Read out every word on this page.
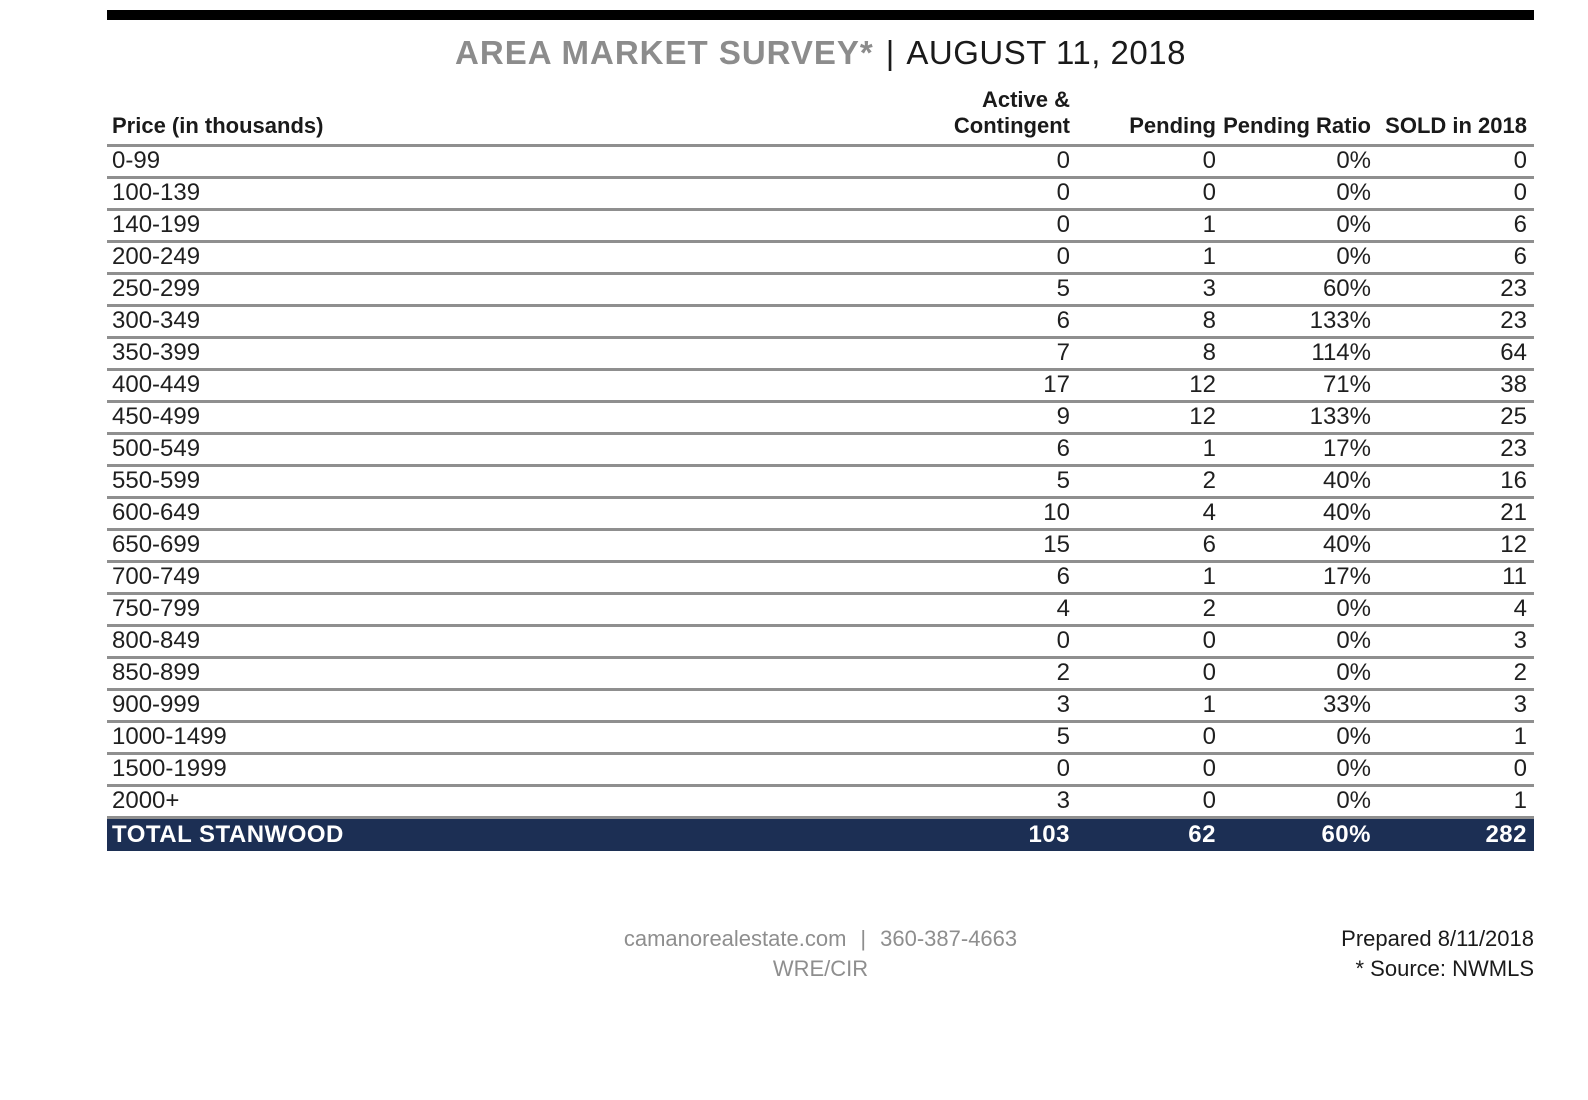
AREA MARKET SURVEY* | AUGUST 11, 2018
Price (in thousands)	Active &
Contingent	Pending	Pending Ratio	SOLD in 2018
0-99	0	0	0%	0
100-139	0	0	0%	0
140-199	0	1	0%	6
200-249	0	1	0%	6
250-299	5	3	60%	23
300-349	6	8	133%	23
350-399	7	8	114%	64
400-449	17	12	71%	38
450-499	9	12	133%	25
500-549	6	1	17%	23
550-599	5	2	40%	16
600-649	10	4	40%	21
650-699	15	6	40%	12
700-749	6	1	17%	11
750-799	4	2	0%	4
800-849	0	0	0%	3
850-899	2	0	0%	2
900-999	3	1	33%	3
1000-1499	5	0	0%	1
1500-1999	0	0	0%	0
2000+	3	0	0%	1
TOTAL STANWOOD	103	62	60%	282
camanorealestate.com | 360-387-4663
WRE/CIR
Prepared 8/11/2018
* Source: NWMLS
